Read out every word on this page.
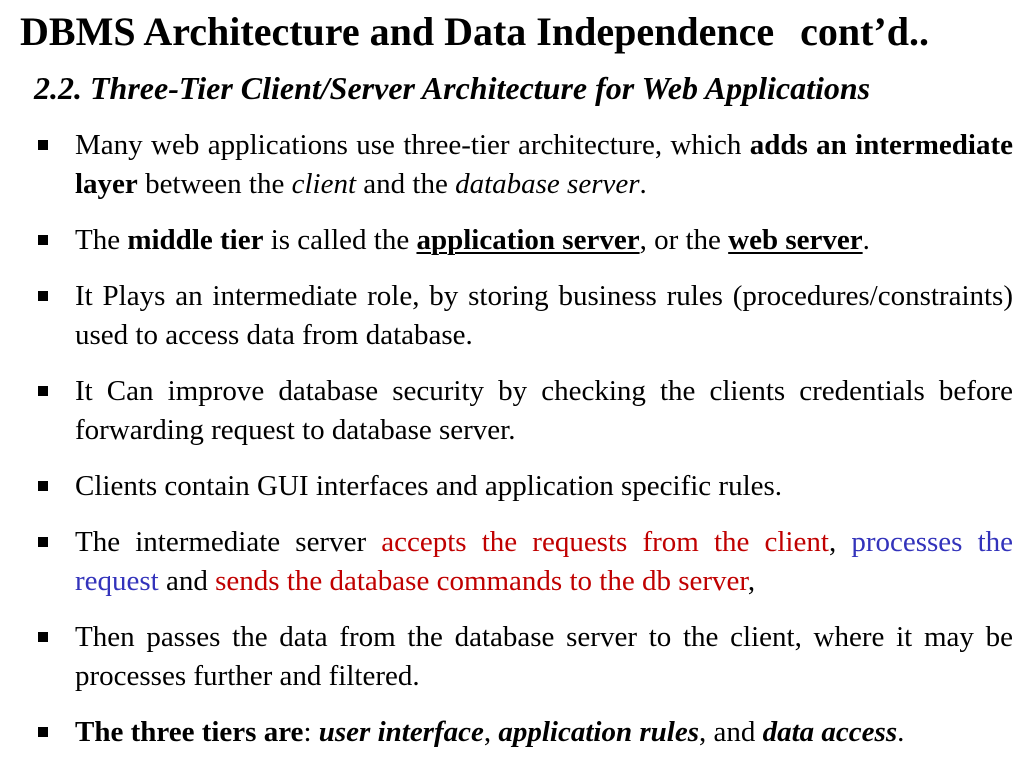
DBMS Architecture and Data Independence cont’d..
2.2. Three-Tier Client/Server Architecture for Web Applications
Many web applications use three-tier architecture, which adds an intermediate layer between the client and the database server.
The middle tier is called the application server, or the web server.
It Plays an intermediate role, by storing business rules (procedures/constraints) used to access data from database.
It Can improve database security by checking the clients credentials before forwarding request to database server.
Clients contain GUI interfaces and application specific rules.
The intermediate server accepts the requests from the client, processes the request and sends the database commands to the db server,
Then passes the data from the database server to the client, where it may be processes further and filtered.
The three tiers are: user interface, application rules, and data access.
